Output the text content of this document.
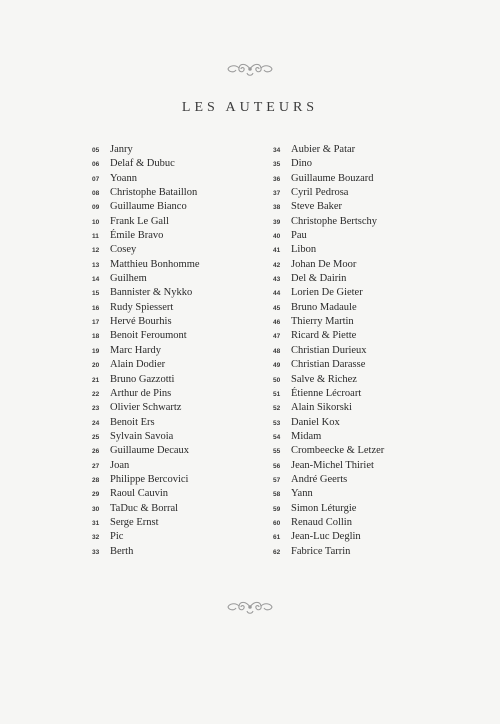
LES AUTEURS
05	Janry
06	Delaf & Dubuc
07	Yoann
08	Christophe Bataillon
09	Guillaume Bianco
10	Frank Le Gall
11	Émile Bravo
12	Cosey
13	Matthieu Bonhomme
14	Guilhem
15	Bannister & Nykko
16	Rudy Spiessert
17	Hervé Bourhis
18	Benoit Feroumont
19	Marc Hardy
20	Alain Dodier
21	Bruno Gazzotti
22	Arthur de Pins
23	Olivier Schwartz
24	Benoit Ers
25	Sylvain Savoia
26	Guillaume Decaux
27	Joan
28	Philippe Bercovici
29	Raoul Cauvin
30	TaDuc & Borral
31	Serge Ernst
32	Pic
33	Berth
34	Aubier & Patar
35	Dino
36	Guillaume Bouzard
37	Cyril Pedrosa
38	Steve Baker
39	Christophe Bertschy
40	Pau
41	Libon
42	Johan De Moor
43	Del & Dairin
44	Lorien De Gieter
45	Bruno Madaule
46	Thierry Martin
47	Ricard & Piette
48	Christian Durieux
49	Christian Darasse
50	Salve & Richez
51	Étienne Lécroart
52	Alain Sikorski
53	Daniel Kox
54	Midam
55	Crombeecke & Letzer
56	Jean-Michel Thiriet
57	André Geerts
58	Yann
59	Simon Léturgie
60	Renaud Collin
61	Jean-Luc Deglin
62	Fabrice Tarrin
